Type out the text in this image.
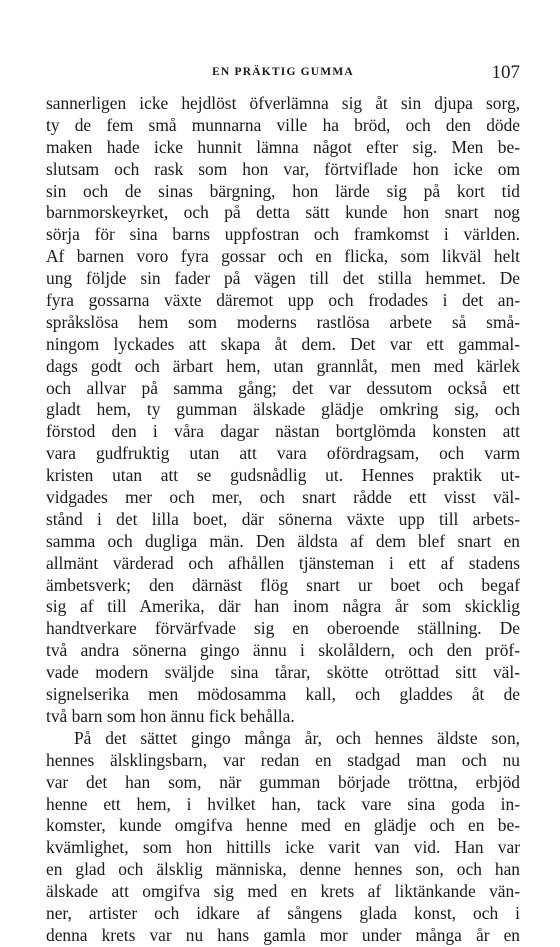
EN PRÄKTIG GUMMA	107
sannerligen icke hejdlöst öfverlämna sig åt sin djupa sorg,
ty de fem små munnarna ville ha bröd, och den döde
maken hade icke hunnit lämna något efter sig. Men be-
slutsam och rask som hon var, förtviflade hon icke om
sin och de sinas bärgning, hon lärde sig på kort tid
barnmorskeyrket, och på detta sätt kunde hon snart nog
sörja för sina barns uppfostran och framkomst i världen.
Af barnen voro fyra gossar och en flicka, som likväl helt
ung följde sin fader på vägen till det stilla hemmet. De
fyra gossarna växte däremot upp och frodades i det an-
språkslösa hem som moderns rastlösa arbete så små-
ningom lyckades att skapa åt dem. Det var ett gammal-
dags godt och ärbart hem, utan grannlåt, men med kärlek
och allvar på samma gång; det var dessutom också ett
gladt hem, ty gumman älskade glädje omkring sig, och
förstod den i våra dagar nästan bortglömda konsten att
vara gudfruktig utan att vara ofördragsam, och varm
kristen utan att se gudsnådlig ut. Hennes praktik ut-
vidgades mer och mer, och snart rådde ett visst väl-
stånd i det lilla boet, där sönerna växte upp till arbets-
samma och dugliga män. Den äldsta af dem blef snart en
allmänt värderad och afhållen tjänsteman i ett af stadens
ämbetsverk; den därnäst flög snart ur boet och begaf
sig af till Amerika, där han inom några år som skicklig
handtverkare förvärfvade sig en oberoende ställning. De
två andra sönerna gingo ännu i skolåldern, och den pröf-
vade modern sväljde sina tårar, skötte otröttad sitt väl-
signelserika men mödosamma kall, och gladdes åt de
två barn som hon ännu fick behålla.
På det sättet gingo många år, och hennes äldste son,
hennes älsklingsbarn, var redan en stadgad man och nu
var det han som, när gumman började tröttna, erbjöd
henne ett hem, i hvilket han, tack vare sina goda in-
komster, kunde omgifva henne med en glädje och en be-
kvämlighet, som hon hittills icke varit van vid. Han var
en glad och älsklig människa, denne hennes son, och han
älskade att omgifva sig med en krets af liktänkande vän-
ner, artister och idkare af sångens glada konst, och i
denna krets var nu hans gamla mor under många år en
